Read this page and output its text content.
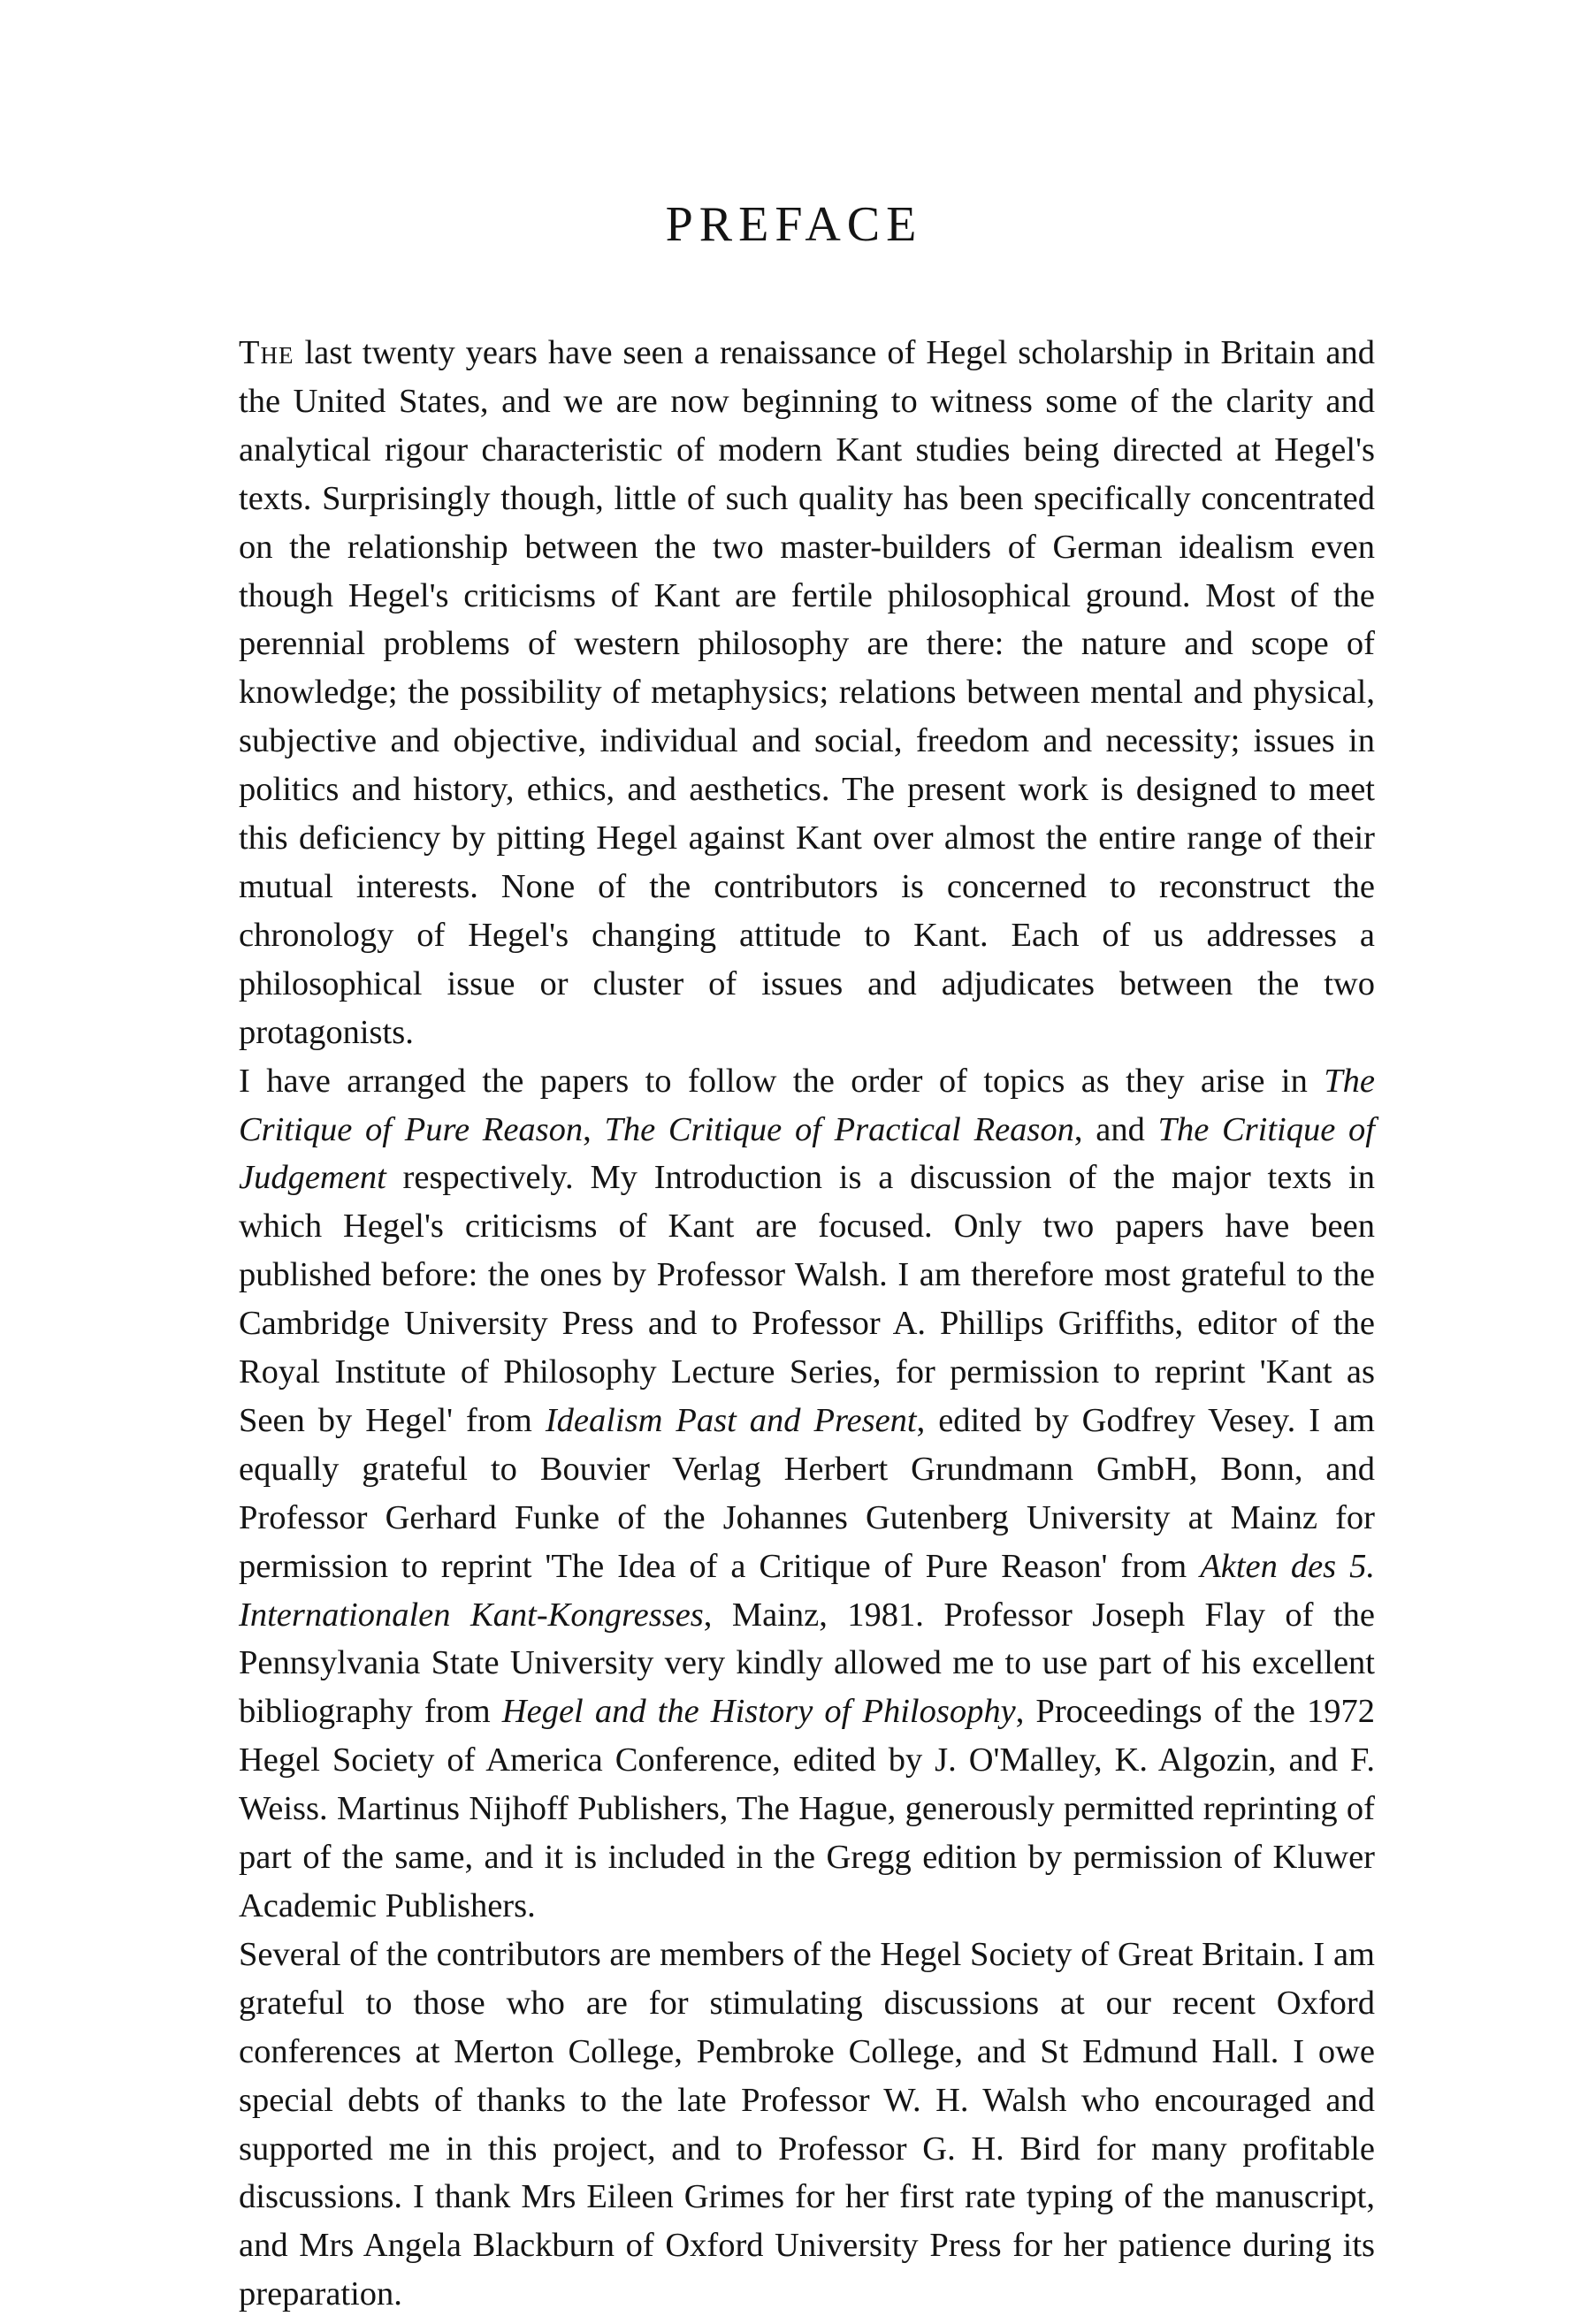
PREFACE

The last twenty years have seen a renaissance of Hegel scholarship in Britain and the United States, and we are now beginning to witness some of the clarity and analytical rigour characteristic of modern Kant studies being directed at Hegel's texts. Surprisingly though, little of such quality has been specifically concentrated on the relationship between the two master-builders of German idealism even though Hegel's criticisms of Kant are fertile philosophical ground. Most of the perennial problems of western philosophy are there: the nature and scope of knowledge; the possibility of metaphysics; relations between mental and physical, subjective and objective, individual and social, freedom and necessity; issues in politics and history, ethics, and aesthetics. The present work is designed to meet this deficiency by pitting Hegel against Kant over almost the entire range of their mutual interests. None of the contributors is concerned to reconstruct the chronology of Hegel's changing attitude to Kant. Each of us addresses a philosophical issue or cluster of issues and adjudicates between the two protagonists.

I have arranged the papers to follow the order of topics as they arise in The Critique of Pure Reason, The Critique of Practical Reason, and The Critique of Judgement respectively. My Introduction is a discussion of the major texts in which Hegel's criticisms of Kant are focused. Only two papers have been published before: the ones by Professor Walsh. I am therefore most grateful to the Cambridge University Press and to Professor A. Phillips Griffiths, editor of the Royal Institute of Philosophy Lecture Series, for permission to reprint 'Kant as Seen by Hegel' from Idealism Past and Present, edited by Godfrey Vesey. I am equally grateful to Bouvier Verlag Herbert Grundmann GmbH, Bonn, and Professor Gerhard Funke of the Johannes Gutenberg University at Mainz for permission to reprint 'The Idea of a Critique of Pure Reason' from Akten des 5. Internationalen Kant-Kongresses, Mainz, 1981. Professor Joseph Flay of the Pennsylvania State University very kindly allowed me to use part of his excellent bibliography from Hegel and the History of Philosophy, Proceedings of the 1972 Hegel Society of America Conference, edited by J. O'Malley, K. Algozin, and F. Weiss. Martinus Nijhoff Publishers, The Hague, generously permitted reprinting of part of the same, and it is included in the Gregg edition by permission of Kluwer Academic Publishers.

Several of the contributors are members of the Hegel Society of Great Britain. I am grateful to those who are for stimulating discussions at our recent Oxford conferences at Merton College, Pembroke College, and St Edmund Hall. I owe special debts of thanks to the late Professor W. H. Walsh who encouraged and supported me in this project, and to Professor G. H. Bird for many profitable discussions. I thank Mrs Eileen Grimes for her first rate typing of the manuscript, and Mrs Angela Blackburn of Oxford University Press for her patience during its preparation.
